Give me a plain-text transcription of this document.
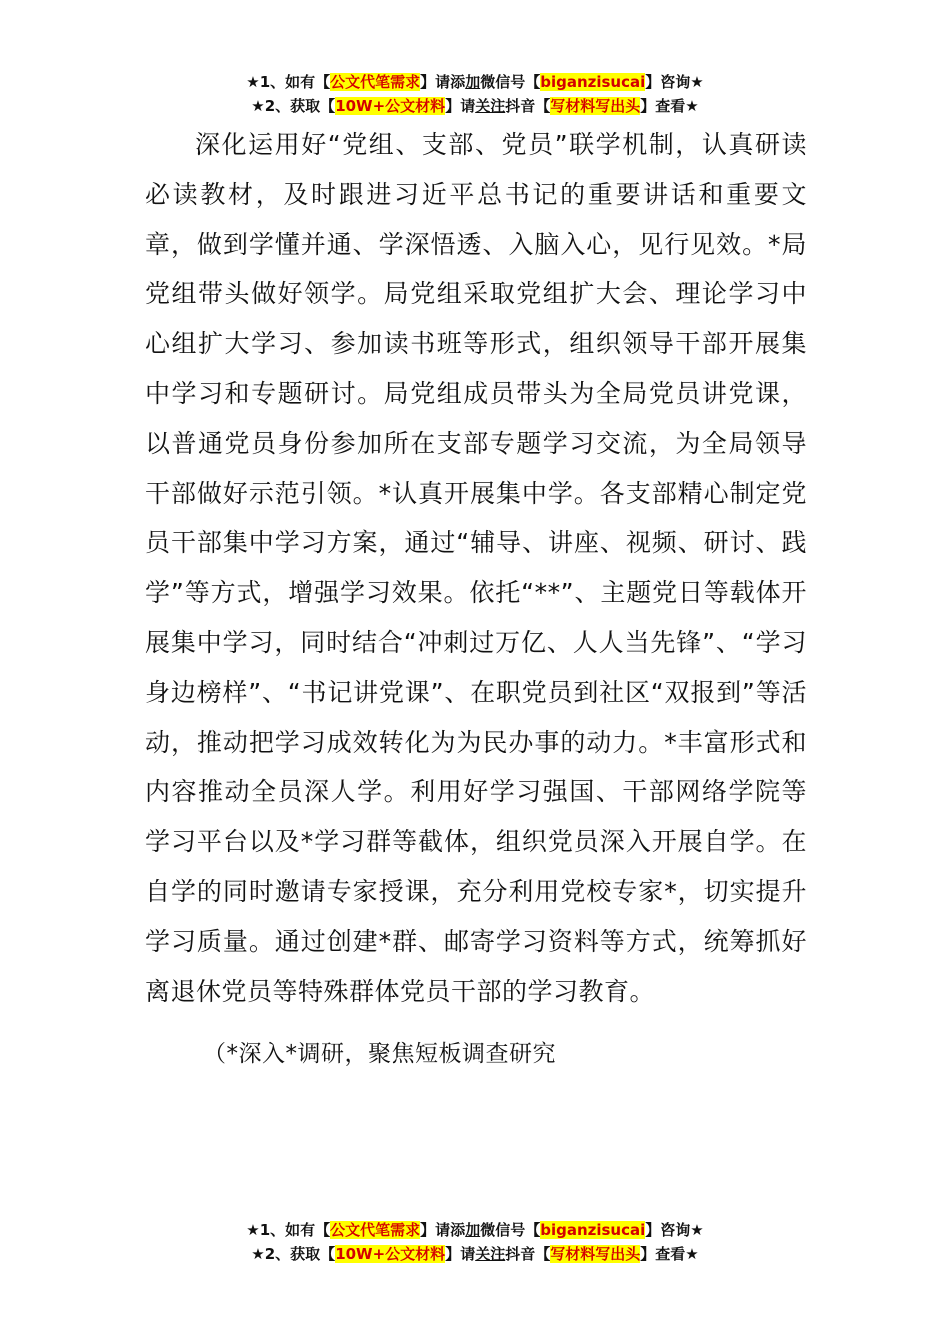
★1、如有【公文代笔需求】请添加微信号【biganzisucai】咨询★
★2、获取【10W+公文材料】请关注抖音【写材料写出头】查看★

深化运用好“党组、支部、党员”联学机制，认真研读必读教材，及时跟进习近平总书记的重要讲话和重要文章，做到学懂并通、学深悟透、入脑入心，见行见效。*局党组带头做好领学。局党组采取党组扩大会、理论学习中心组扩大学习、参加读书班等形式，组织领导干部开展集中学习和专题研讨。局党组成员带头为全局党员讲党课，以普通党员身份参加所在支部专题学习交流，为全局领导干部做好示范引领。*认真开展集中学。各支部精心制定党员干部集中学习方案，通过“辅导、讲座、视频、研讨、践学”等方式，增强学习效果。依托“**”、主题党日等载体开展集中学习，同时结合“冲刺过万亿、人人当先锋”、“学习身边榜样”、“书记讲党课”、在职党员到社区“双报到”等活动，推动把学习成效转化为为民办事的动力。*丰富形式和内容推动全员深人学。利用好学习强国、干部网络学院等学习平台以及*学习群等截体，组织党员深入开展自学。在自学的同时邀请专家授课，充分利用党校专家*，切实提升学习质量。通过创建*群、邮寄学习资料等方式，统筹抓好离退休党员等特殊群体党员干部的学习教育。

（*深入*调研，聚焦短板调查研究

★1、如有【公文代笔需求】请添加微信号【biganzisucai】咨询★
★2、获取【10W+公文材料】请关注抖音【写材料写出头】查看★
